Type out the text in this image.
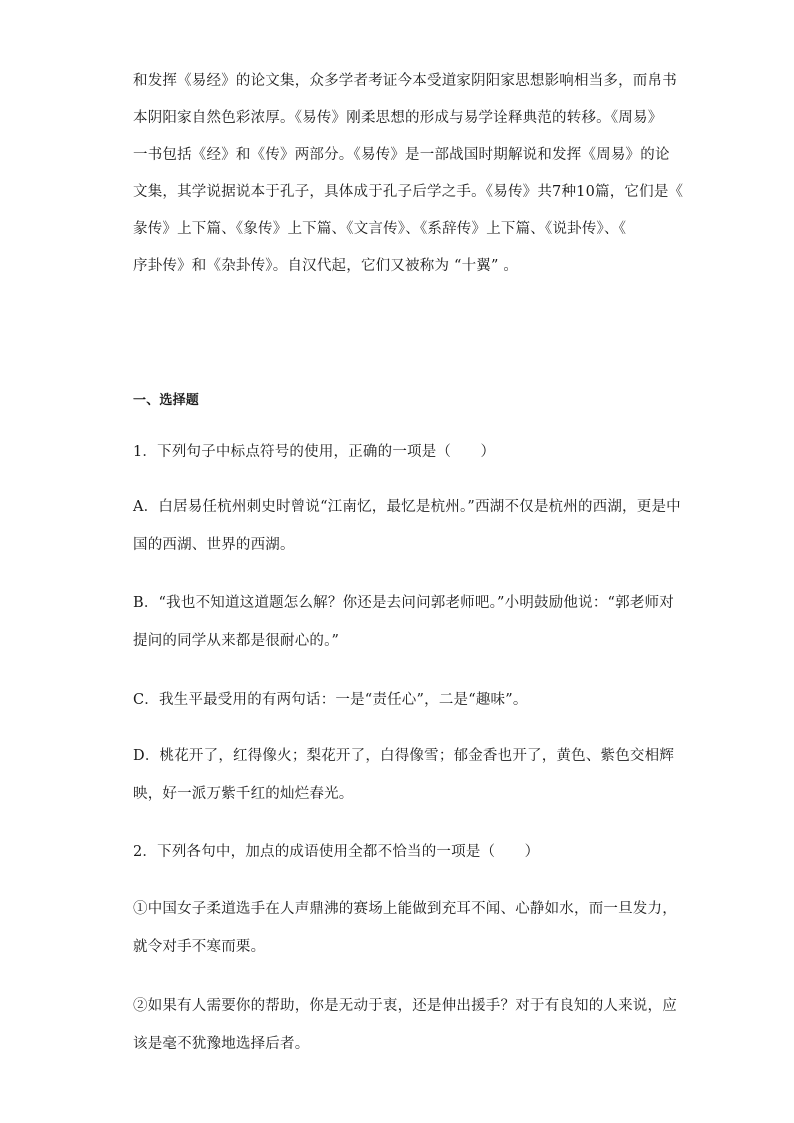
和发挥《易经》的论文集，众多学者考证今本受道家阴阳家思想影响相当多，而帛书
本阴阳家自然色彩浓厚。《易传》刚柔思想的形成与易学诠释典范的转移。《周易》
一书包括《经》和《传》两部分。《易传》是一部战国时期解说和发挥《周易》的论
文集，其学说据说本于孔子，具体成于孔子后学之手。《易传》共7种10篇，它们是《
彖传》上下篇、《象传》上下篇、《文言传》、《系辞传》上下篇、《说卦传》、《
序卦传》和《杂卦传》。自汉代起，它们又被称为 “十翼” 。
一、选择题
1．下列句子中标点符号的使用，正确的一项是（　　）
A．白居易任杭州刺史时曾说“江南忆，最忆是杭州。”西湖不仅是杭州的西湖，更是中
国的西湖、世界的西湖。
B．“我也不知道这道题怎么解？你还是去问问郭老师吧。”小明鼓励他说：“郭老师对
提问的同学从来都是很耐心的。”
C．我生平最受用的有两句话：一是“责任心”，二是“趣味”。
D．桃花开了，红得像火；梨花开了，白得像雪；郁金香也开了，黄色、紫色交相辉
映，好一派万紫千红的灿烂春光。
2．下列各句中，加点的成语使用全都不恰当的一项是（　　）
①中国女子柔道选手在人声鼎沸的赛场上能做到充耳不闻、心静如水，而一旦发力，
就令对手不寒而栗。
②如果有人需要你的帮助，你是无动于衷，还是伸出援手？对于有良知的人来说，应
该是毫不犹豫地选择后者。
